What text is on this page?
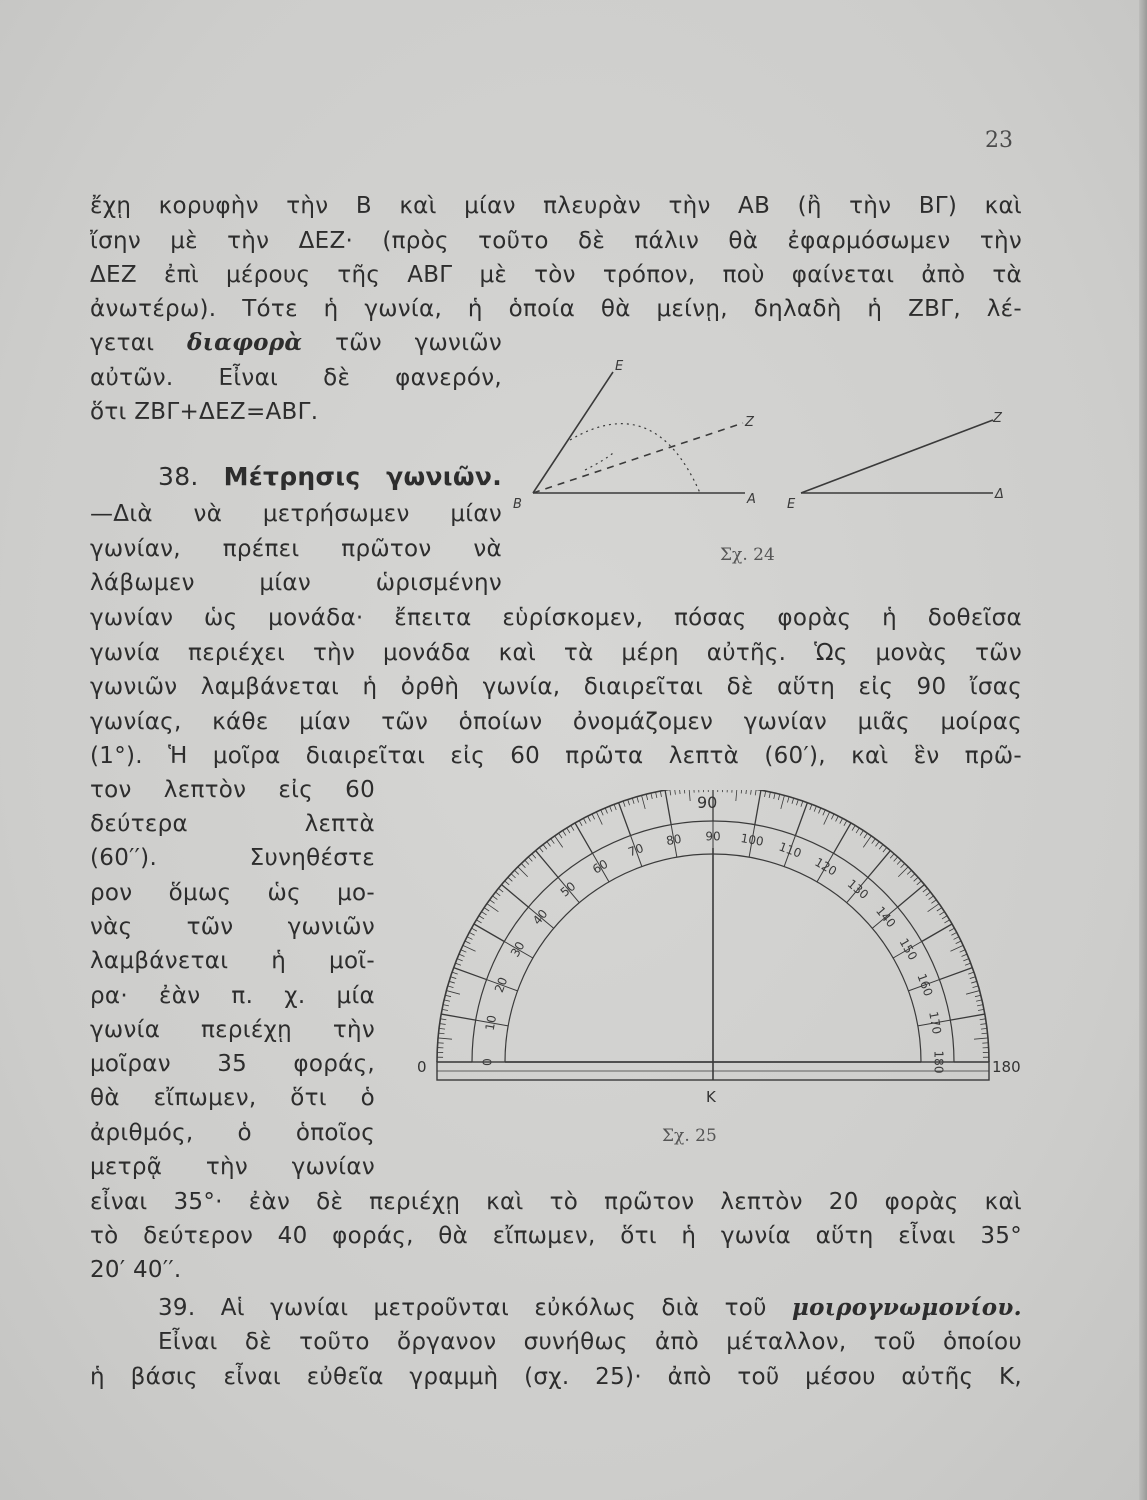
23
ἔχῃ κορυφὴν τὴν Β καὶ μίαν πλευρὰν τὴν ΑΒ (ἢ τὴν ΒΓ) καὶ
ἴσην μὲ τὴν ΔΕΖ· (πρὸς τοῦτο δὲ πάλιν θὰ ἐφαρμόσωμεν τὴν
ΔΕΖ ἐπὶ μέρους τῆς ΑΒΓ μὲ τὸν τρόπον, ποὺ φαίνεται ἀπὸ τὰ
ἀνωτέρω). Τότε ἡ γωνία, ἡ ὁποία θὰ μείνῃ, δηλαδὴ ἡ ΖΒΓ, λέ-
γεται διαφορὰ τῶν γωνιῶν
αὐτῶν. Εἶναι δὲ φανερόν,
ὅτι ΖΒΓ+ΔΕΖ=ΑΒΓ.
38. Μέτρησις γωνιῶν.
—Διὰ νὰ μετρήσωμεν μίαν
γωνίαν, πρέπει πρῶτον νὰ
λάβωμεν μίαν ὡρισμένην
E
Z
B	A E
Z
Δ
Σχ. 24
γωνίαν ὡς μονάδα· ἔπειτα εὑρίσκομεν, πόσας φορὰς ἡ δοθεῖσα
γωνία περιέχει τὴν μονάδα καὶ τὰ μέρη αὐτῆς. Ὡς μονὰς τῶν
γωνιῶν λαμβάνεται ἡ ὀρθὴ γωνία, διαιρεῖται δὲ αὕτη εἰς 90 ἴσας
γωνίας, κάθε μίαν τῶν ὁποίων ὀνομάζομεν γωνίαν μιᾶς μοίρας
(1°). Ἡ μοῖρα διαιρεῖται εἰς 60 πρῶτα λεπτὰ (60′), καὶ ἓν πρῶ-
τον λεπτὸν εἰς 60
δεύτερα λεπτὰ
(60′′). Συνηθέστε
ρον ὅμως ὡς μο-
νὰς τῶν γωνιῶν
λαμβάνεται ἡ μοῖ-
ρα· ἐὰν π. χ. μία
γωνία περιέχῃ τὴν
μοῖραν 35 φοράς,
θὰ εἴπωμεν, ὅτι ὁ
ἀριθμός, ὁ ὁποῖος
μετρᾷ τὴν γωνίαν
0
10
20
30
40
50
60
70
80 90 100 110
120
130
140
150
160
170
180
90
0	180
K
Σχ. 25
εἶναι 35°· ἐὰν δὲ περιέχῃ καὶ τὸ πρῶτον λεπτὸν 20 φορὰς καὶ
τὸ δεύτερον 40 φοράς, θὰ εἴπωμεν, ὅτι ἡ γωνία αὕτη εἶναι 35°
20′ 40′′.
39. Αἱ γωνίαι μετροῦνται εὐκόλως διὰ τοῦ μοιρογνωμονίου.
Εἶναι δὲ τοῦτο ὄργανον συνήθως ἀπὸ μέταλλον, τοῦ ὁποίου
ἡ βάσις εἶναι εὐθεῖα γραμμὴ (σχ. 25)· ἀπὸ τοῦ μέσου αὐτῆς Κ,
